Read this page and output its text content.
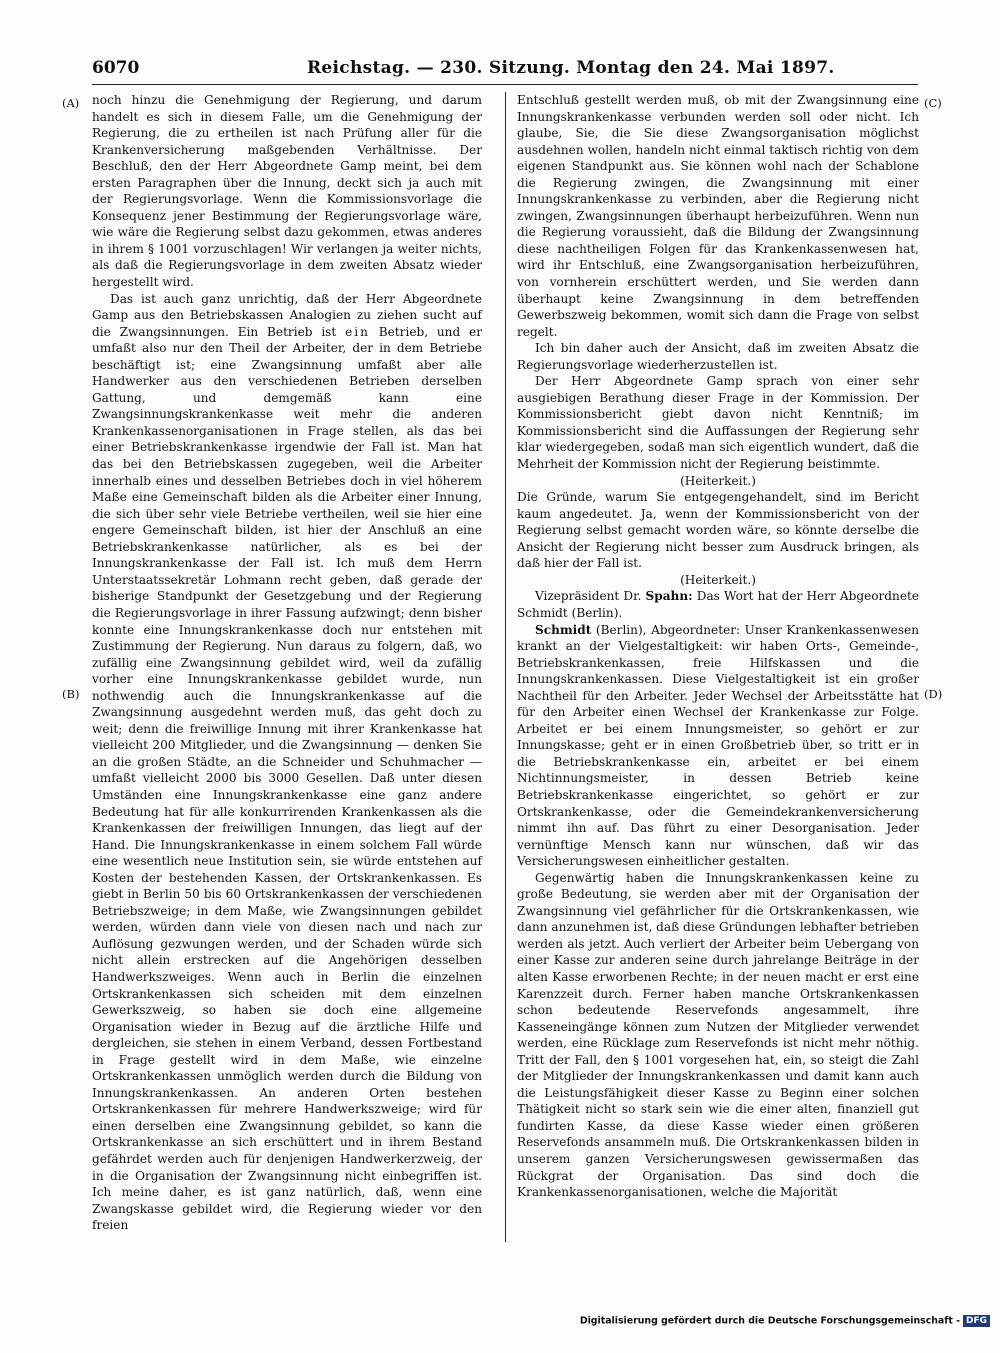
6070	Reichstag. — 230. Sitzung. Montag den 24. Mai 1897.
(A)
(B)
(C)
(D)

noch hinzu die Genehmigung der Regierung, und darum handelt es sich in diesem Falle, um die Genehmigung der Regierung, die zu ertheilen ist nach Prüfung aller für die Krankenversicherung maßgebenden Verhältnisse. Der Beschluß, den der Herr Abgeordnete Gamp meint, bei dem ersten Paragraphen über die Innung, deckt sich ja auch mit der Regierungsvorlage. Wenn die Kommissionsvorlage die Konsequenz jener Bestimmung der Regierungsvorlage wäre, wie wäre die Regierung selbst dazu gekommen, etwas anderes in ihrem § 1001 vorzuschlagen! Wir verlangen ja weiter nichts, als daß die Regierungsvorlage in dem zweiten Absatz wieder hergestellt wird.

Das ist auch ganz unrichtig, daß der Herr Abgeordnete Gamp aus den Betriebskassen Analogien zu ziehen sucht auf die Zwangsinnungen. Ein Betrieb ist ein Betrieb, und er umfaßt also nur den Theil der Arbeiter, der in dem Betriebe beschäftigt ist; eine Zwangsinnung umfaßt aber alle Handwerker aus den verschiedenen Betrieben derselben Gattung, und demgemäß kann eine Zwangsinnungskrankenkasse weit mehr die anderen Krankenkassenorganisationen in Frage stellen, als das bei einer Betriebskrankenkasse irgendwie der Fall ist. Man hat das bei den Betriebskassen zugegeben, weil die Arbeiter innerhalb eines und desselben Betriebes doch in viel höherem Maße eine Gemeinschaft bilden als die Arbeiter einer Innung, die sich über sehr viele Betriebe vertheilen, weil sie hier eine engere Gemeinschaft bilden, ist hier der Anschluß an eine Betriebskrankenkasse natürlicher, als es bei der Innungskrankenkasse der Fall ist. Ich muß dem Herrn Unterstaatssekretär Lohmann recht geben, daß gerade der bisherige Standpunkt der Gesetzgebung und der Regierung die Regierungsvorlage in ihrer Fassung aufzwingt; denn bisher konnte eine Innungskrankenkasse doch nur entstehen mit Zustimmung der Regierung. Nun daraus zu folgern, daß, wo zufällig eine Zwangsinnung gebildet wird, weil da zufällig vorher eine Innungskrankenkasse gebildet wurde, nun nothwendig auch die Innungskrankenkasse auf die Zwangsinnung ausgedehnt werden muß, das geht doch zu weit; denn die freiwillige Innung mit ihrer Krankenkasse hat vielleicht 200 Mitglieder, und die Zwangsinnung — denken Sie an die großen Städte, an die Schneider und Schuhmacher — umfaßt vielleicht 2000 bis 3000 Gesellen. Daß unter diesen Umständen eine Innungskrankenkasse eine ganz andere Bedeutung hat für alle konkurrirenden Krankenkassen als die Krankenkassen der freiwilligen Innungen, das liegt auf der Hand. Die Innungskrankenkasse in einem solchem Fall würde eine wesentlich neue Institution sein, sie würde entstehen auf Kosten der bestehenden Kassen, der Ortskrankenkassen. Es giebt in Berlin 50 bis 60 Ortskrankenkassen der verschiedenen Betriebszweige; in dem Maße, wie Zwangsinnungen gebildet werden, würden dann viele von diesen nach und nach zur Auflösung gezwungen werden, und der Schaden würde sich nicht allein erstrecken auf die Angehörigen desselben Handwerkszweiges. Wenn auch in Berlin die einzelnen Ortskrankenkassen sich scheiden mit dem einzelnen Gewerkszweig, so haben sie doch eine allgemeine Organisation wieder in Bezug auf die ärztliche Hilfe und dergleichen, sie stehen in einem Verband, dessen Fortbestand in Frage gestellt wird in dem Maße, wie einzelne Ortskrankenkassen unmöglich werden durch die Bildung von Innungskrankenkassen. An anderen Orten bestehen Ortskrankenkassen für mehrere Handwerkszweige; wird für einen derselben eine Zwangsinnung gebildet, so kann die Ortskrankenkasse an sich erschüttert und in ihrem Bestand gefährdet werden auch für denjenigen Handwerkerzweig, der in die Organisation der Zwangsinnung nicht einbegriffen ist. Ich meine daher, es ist ganz natürlich, daß, wenn eine Zwangskasse gebildet wird, die Regierung wieder vor den freien

Entschluß gestellt werden muß, ob mit der Zwangsinnung eine Innungskrankenkasse verbunden werden soll oder nicht. Ich glaube, Sie, die Sie diese Zwangsorganisation möglichst ausdehnen wollen, handeln nicht einmal taktisch richtig von dem eigenen Standpunkt aus. Sie können wohl nach der Schablone die Regierung zwingen, die Zwangsinnung mit einer Innungskrankenkasse zu verbinden, aber die Regierung nicht zwingen, Zwangsinnungen überhaupt herbeizuführen. Wenn nun die Regierung voraussieht, daß die Bildung der Zwangsinnung diese nachtheiligen Folgen für das Krankenkassenwesen hat, wird ihr Entschluß, eine Zwangsorganisation herbeizuführen, von vornherein erschüttert werden, und Sie werden dann überhaupt keine Zwangsinnung in dem betreffenden Gewerbszweig bekommen, womit sich dann die Frage von selbst regelt.

Ich bin daher auch der Ansicht, daß im zweiten Absatz die Regierungsvorlage wiederherzustellen ist.

Der Herr Abgeordnete Gamp sprach von einer sehr ausgiebigen Berathung dieser Frage in der Kommission. Der Kommissionsbericht giebt davon nicht Kenntniß; im Kommissionsbericht sind die Auffassungen der Regierung sehr klar wiedergegeben, sodaß man sich eigentlich wundert, daß die Mehrheit der Kommission nicht der Regierung beistimmte.

(Heiterkeit.)

Die Gründe, warum Sie entgegengehandelt, sind im Bericht kaum angedeutet. Ja, wenn der Kommissionsbericht von der Regierung selbst gemacht worden wäre, so könnte derselbe die Ansicht der Regierung nicht besser zum Ausdruck bringen, als daß hier der Fall ist.

(Heiterkeit.)

Vizepräsident Dr. Spahn: Das Wort hat der Herr Abgeordnete Schmidt (Berlin).

Schmidt (Berlin), Abgeordneter: Unser Krankenkassenwesen krankt an der Vielgestaltigkeit: wir haben Orts-, Gemeinde-, Betriebskrankenkassen, freie Hilfskassen und die Innungskrankenkassen. Diese Vielgestaltigkeit ist ein großer Nachtheil für den Arbeiter. Jeder Wechsel der Arbeitsstätte hat für den Arbeiter einen Wechsel der Krankenkasse zur Folge. Arbeitet er bei einem Innungsmeister, so gehört er zur Innungskasse; geht er in einen Großbetrieb über, so tritt er in die Betriebskrankenkasse ein, arbeitet er bei einem Nichtinnungsmeister, in dessen Betrieb keine Betriebskrankenkasse eingerichtet, so gehört er zur Ortskrankenkasse, oder die Gemeindekrankenversicherung nimmt ihn auf. Das führt zu einer Desorganisation. Jeder vernünftige Mensch kann nur wünschen, daß wir das Versicherungswesen einheitlicher gestalten.

Gegenwärtig haben die Innungskrankenkassen keine zu große Bedeutung, sie werden aber mit der Organisation der Zwangsinnung viel gefährlicher für die Ortskrankenkassen, wie dann anzunehmen ist, daß diese Gründungen lebhafter betrieben werden als jetzt. Auch verliert der Arbeiter beim Uebergang von einer Kasse zur anderen seine durch jahrelange Beiträge in der alten Kasse erworbenen Rechte; in der neuen macht er erst eine Karenzzeit durch. Ferner haben manche Ortskrankenkassen schon bedeutende Reservefonds angesammelt, ihre Kasseneingänge können zum Nutzen der Mitglieder verwendet werden, eine Rücklage zum Reservefonds ist nicht mehr nöthig. Tritt der Fall, den § 1001 vorgesehen hat, ein, so steigt die Zahl der Mitglieder der Innungskrankenkassen und damit kann auch die Leistungsfähigkeit dieser Kasse zu Beginn einer solchen Thätigkeit nicht so stark sein wie die einer alten, finanziell gut fundirten Kasse, da diese Kasse wieder einen größeren Reservefonds ansammeln muß. Die Ortskrankenkassen bilden in unserem ganzen Versicherungswesen gewissermaßen das Rückgrat der Organisation. Das sind doch die Krankenkassenorganisationen, welche die Majorität

Digitalisierung gefördert durch die Deutsche Forschungsgemeinschaft - DFG
